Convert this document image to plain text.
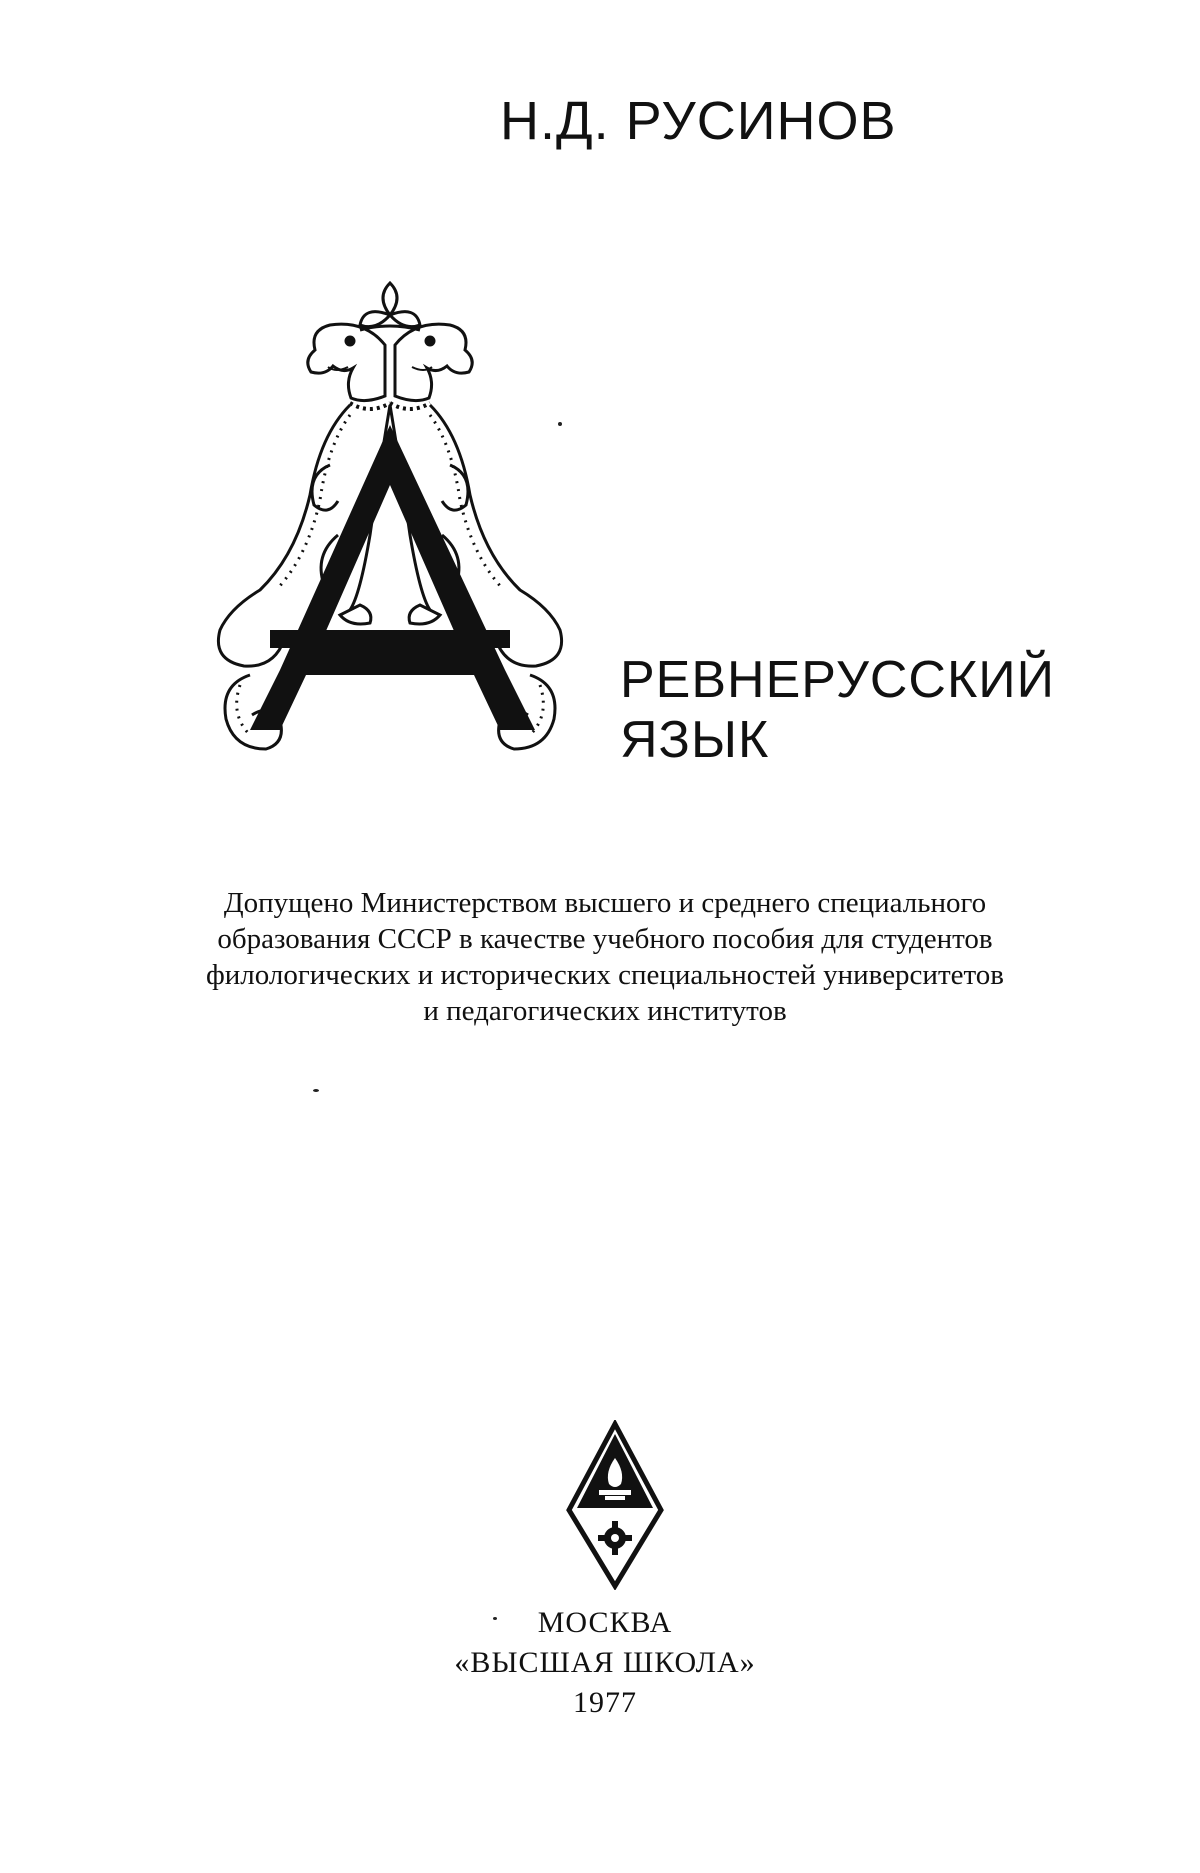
Н.Д. РУСИНОВ
РЕВНЕРУССКИЙ
ЯЗЫК
Допущено Министерством высшего и среднего специального
образования СССР в качестве учебного пособия для студентов
филологических и исторических специальностей университетов
и педагогических институтов
МОСКВА
«ВЫСШАЯ ШКОЛА»
1977
